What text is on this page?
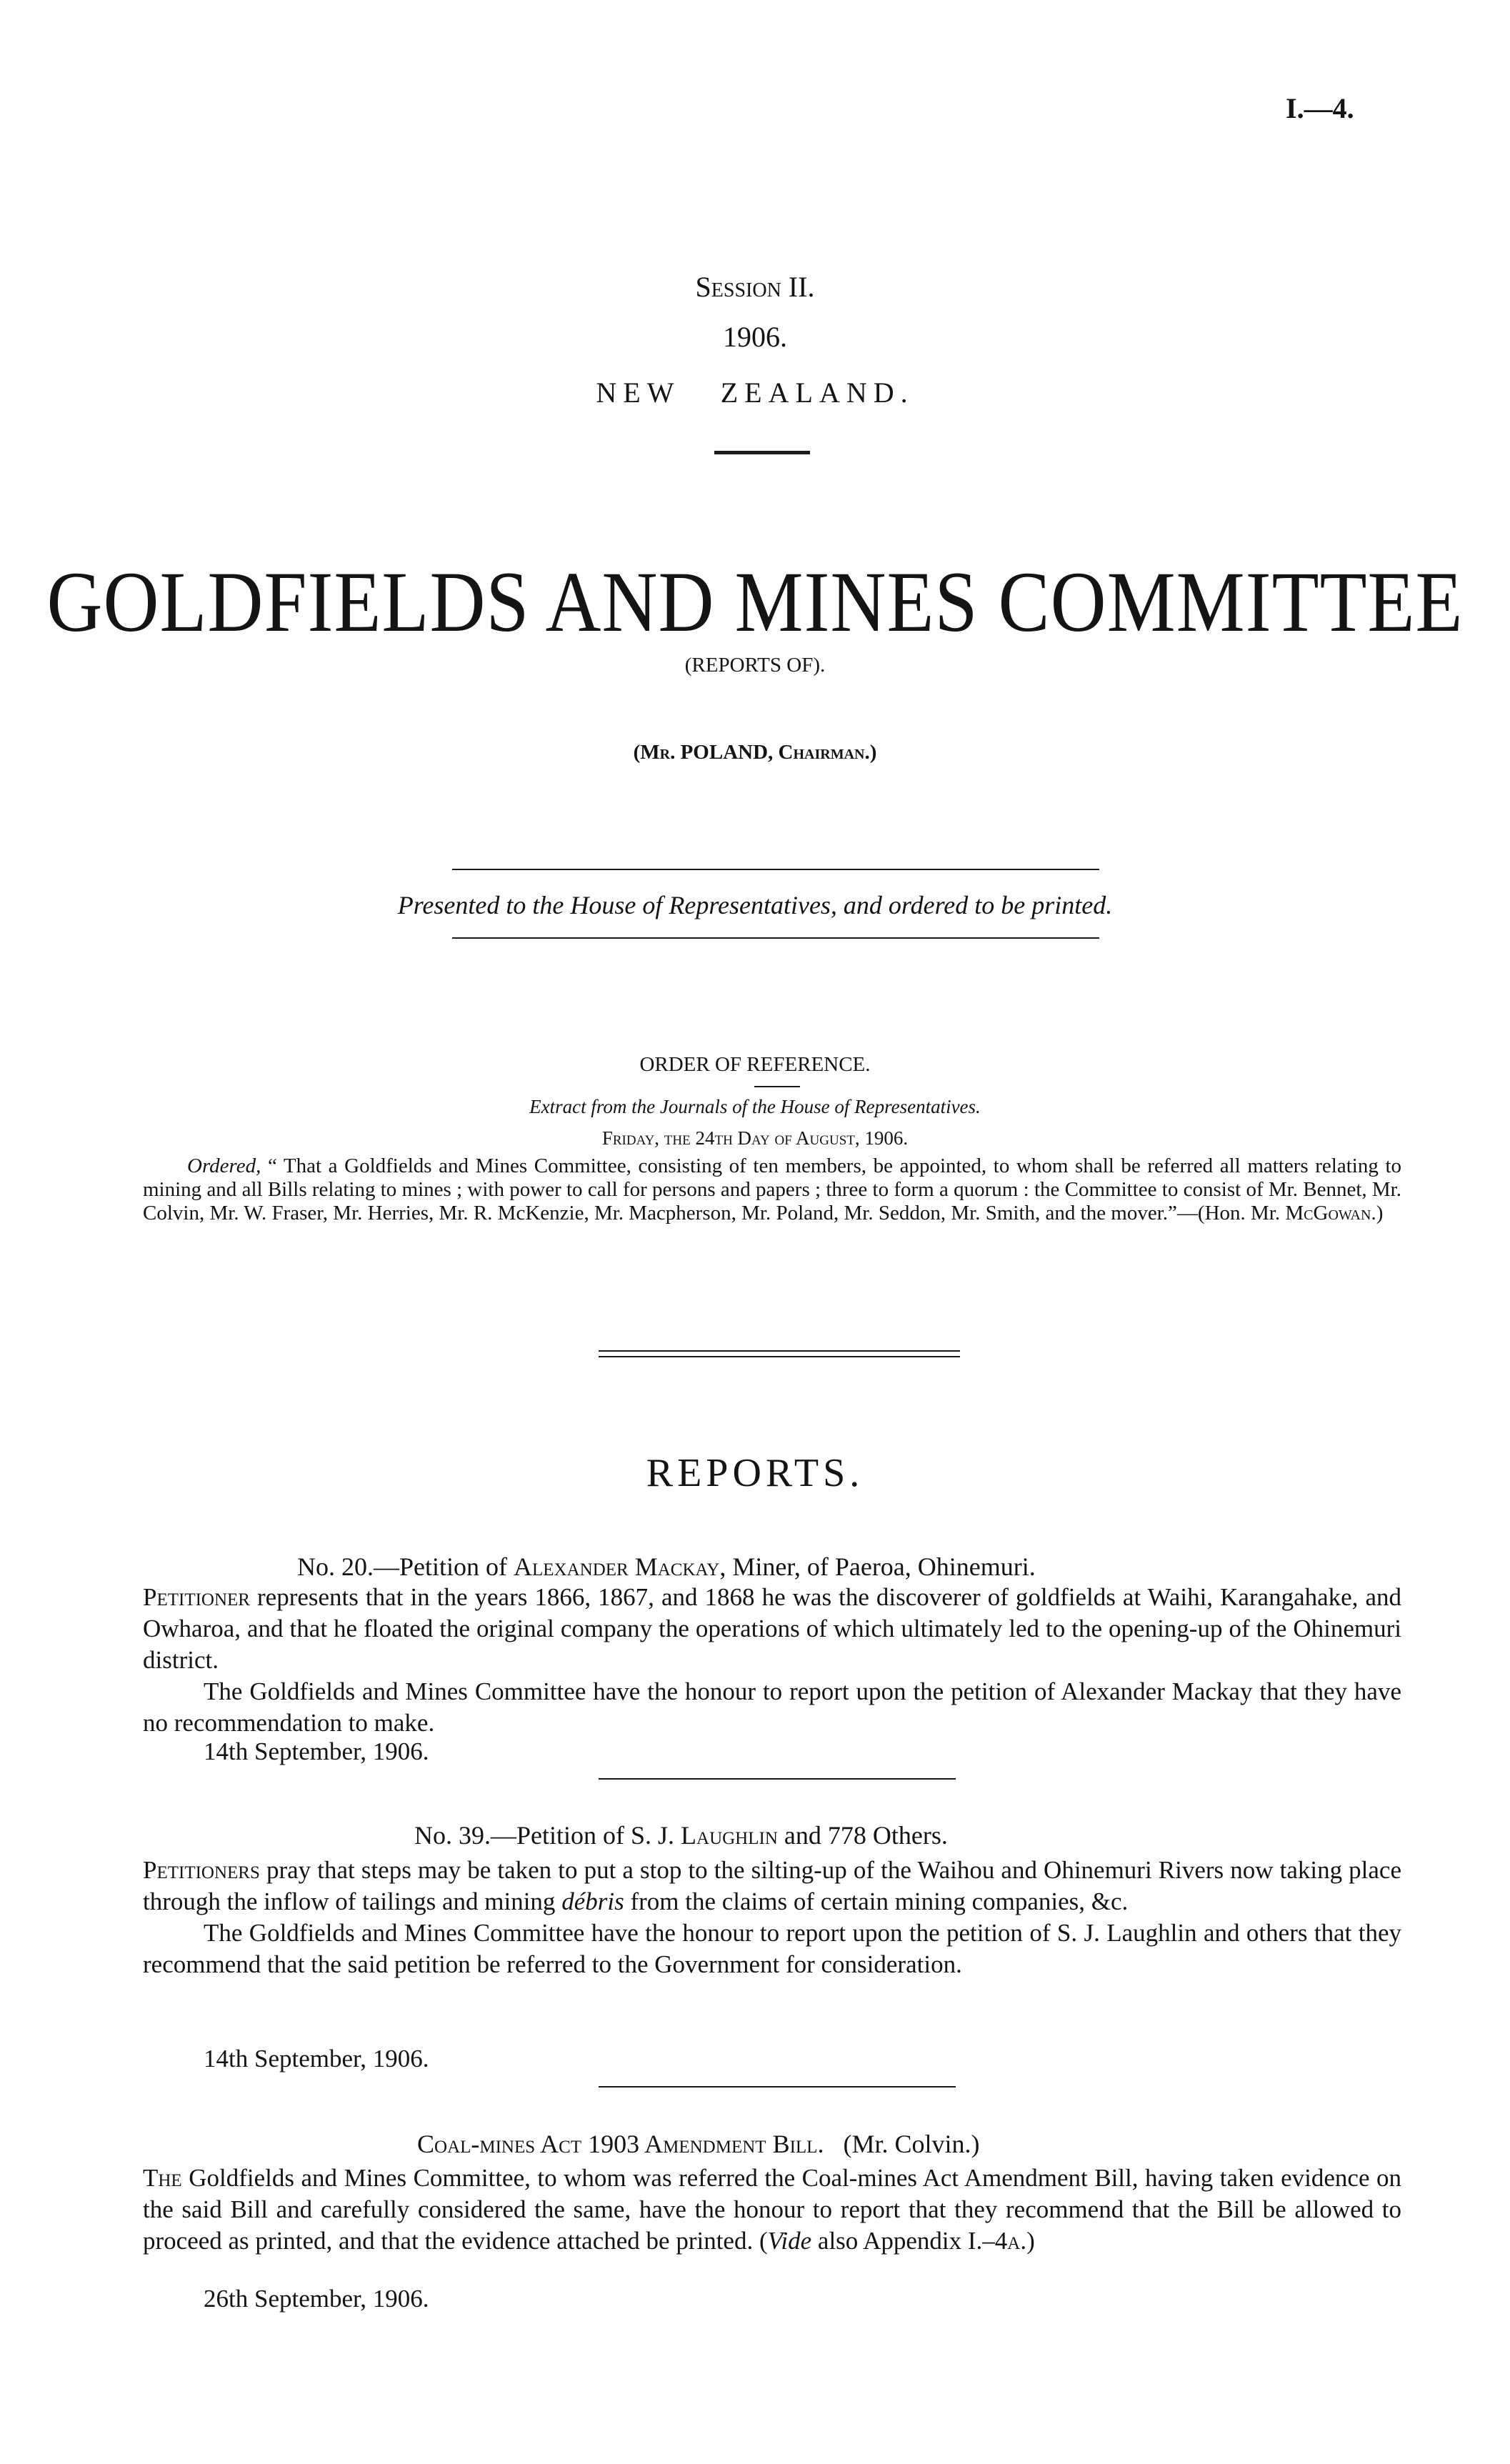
I.—4.
Session II.
1906.
NEW   ZEALAND.
GOLDFIELDS AND MINES COMMITTEE
(REPORTS OF).
(Mr. POLAND, Chairman.)
Presented to the House of Representatives, and ordered to be printed.
ORDER OF REFERENCE.
Extract from the Journals of the House of Representatives.
Friday, the 24th Day of August, 1906.

Ordered, “ That a Goldfields and Mines Committee, consisting of ten members, be appointed, to whom shall be referred all matters relating to mining and all Bills relating to mines ; with power to call for persons and papers ; three to form a quorum : the Committee to consist of Mr. Bennet, Mr. Colvin, Mr. W. Fraser, Mr. Herries, Mr. R. McKenzie, Mr. Macpherson, Mr. Poland, Mr. Seddon, Mr. Smith, and the mover.”—(Hon. Mr. McGowan.)

REPORTS.
No. 20.—Petition of Alexander Mackay, Miner, of Paeroa, Ohinemuri.

Petitioner represents that in the years 1866, 1867, and 1868 he was the discoverer of goldfields at Waihi, Karangahake, and Owharoa, and that he floated the original company the operations of which ultimately led to the opening-up of the Ohinemuri district.
The Goldfields and Mines Committee have the honour to report upon the petition of Alexander Mackay that they have no recommendation to make.

14th September, 1906.
No. 39.—Petition of S. J. Laughlin and 778 Others.

Petitioners pray that steps may be taken to put a stop to the silting-up of the Waihou and Ohinemuri Rivers now taking place through the inflow of tailings and mining débris from the claims of certain mining companies, &c.
The Goldfields and Mines Committee have the honour to report upon the petition of S. J. Laughlin and others that they recommend that the said petition be referred to the Government for consideration.

14th September, 1906.
Coal-mines Act 1903 Amendment Bill. (Mr. Colvin.)

The Goldfields and Mines Committee, to whom was referred the Coal-mines Act Amendment Bill, having taken evidence on the said Bill and carefully considered the same, have the honour to report that they recommend that the Bill be allowed to proceed as printed, and that the evidence attached be printed. (Vide also Appendix I.–4a.)

26th September, 1906.
